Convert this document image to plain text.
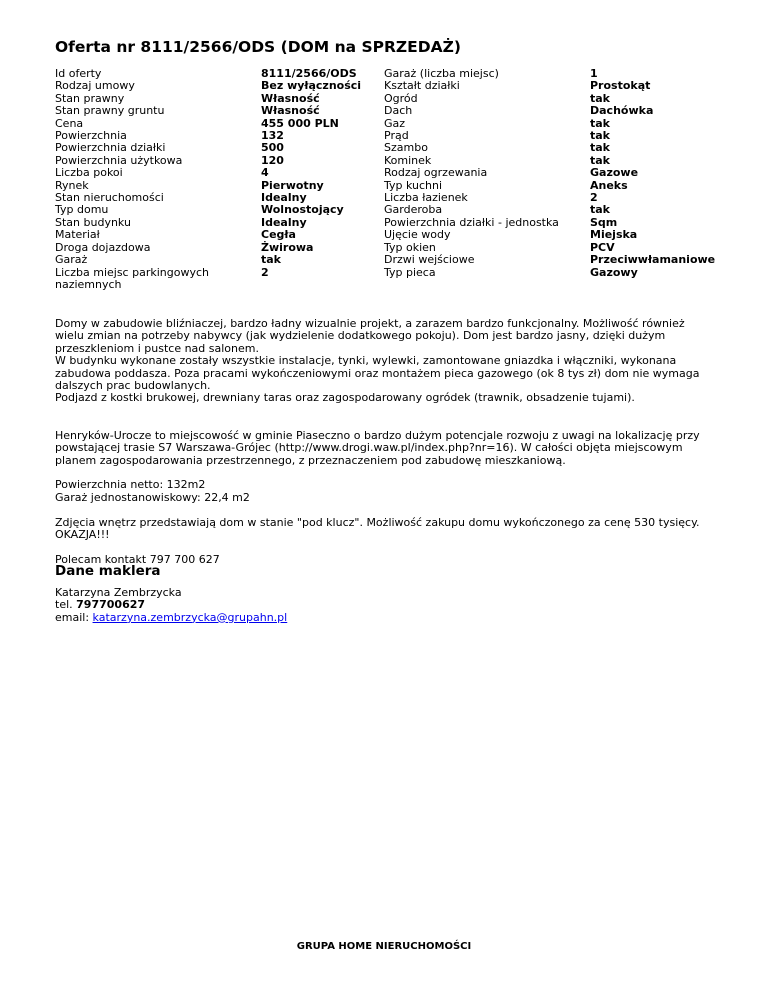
Oferta nr 8111/2566/ODS (DOM na SPRZEDAŻ)
Id oferty
Rodzaj umowy
Stan prawny
Stan prawny gruntu
Cena
Powierzchnia
Powierzchnia działki
Powierzchnia użytkowa
Liczba pokoi
Rynek
Stan nieruchomości
Typ domu
Stan budynku
Materiał
Droga dojazdowa
Garaż
Liczba miejsc parkingowych naziemnych
8111/2566/ODS
Bez wyłączności
Własność
Własność
455 000 PLN
132
500
120
4
Pierwotny
Idealny
Wolnostojący
Idealny
Cegła
Żwirowa
tak
2
Garaż (liczba miejsc)
Kształt działki
Ogród
Dach
Gaz
Prąd
Szambo
Kominek
Rodzaj ogrzewania
Typ kuchni
Liczba łazienek
Garderoba
Powierzchnia działki - jednostka
Ujęcie wody
Typ okien
Drzwi wejściowe
Typ pieca
1
Prostokąt
tak
Dachówka
tak
tak
tak
tak
Gazowe
Aneks
2
tak
Sqm
Miejska
PCV
Przeciwwłamaniowe
Gazowy

Domy w zabudowie bliźniaczej, bardzo ładny wizualnie projekt, a zarazem bardzo funkcjonalny. Możliwość również wielu zmian na potrzeby nabywcy (jak wydzielenie dodatkowego pokoju). Dom jest bardzo jasny, dzięki dużym przeszkleniom i pustce nad salonem.
W budynku wykonane zostały wszystkie instalacje, tynki, wylewki, zamontowane gniazdka i włączniki, wykonana zabudowa poddasza. Poza pracami wykończeniowymi oraz montażem pieca gazowego (ok 8 tys zł) dom nie wymaga dalszych prac budowlanych.
Podjazd z kostki brukowej, drewniany taras oraz zagospodarowany ogródek (trawnik, obsadzenie tujami).

Henryków-Urocze to miejscowość w gminie Piaseczno o bardzo dużym potencjale rozwoju z uwagi na lokalizację przy powstającej trasie S7 Warszawa-Grójec (http://www.drogi.waw.pl/index.php?nr=16). W całości objęta miejscowym planem zagospodarowania przestrzennego, z przeznaczeniem pod zabudowę mieszkaniową.

Powierzchnia netto: 132m2
Garaż jednostanowiskowy: 22,4 m2

Zdjęcia wnętrz przedstawiają dom w stanie "pod klucz". Możliwość zakupu domu wykończonego za cenę 530 tysięcy. OKAZJA!!!

Polecam kontakt 797 700 627

Dane maklera
Katarzyna Zembrzycka
tel. 797700627
email: katarzyna.zembrzycka@grupahn.pl
GRUPA HOME NIERUCHOMOŚCI
